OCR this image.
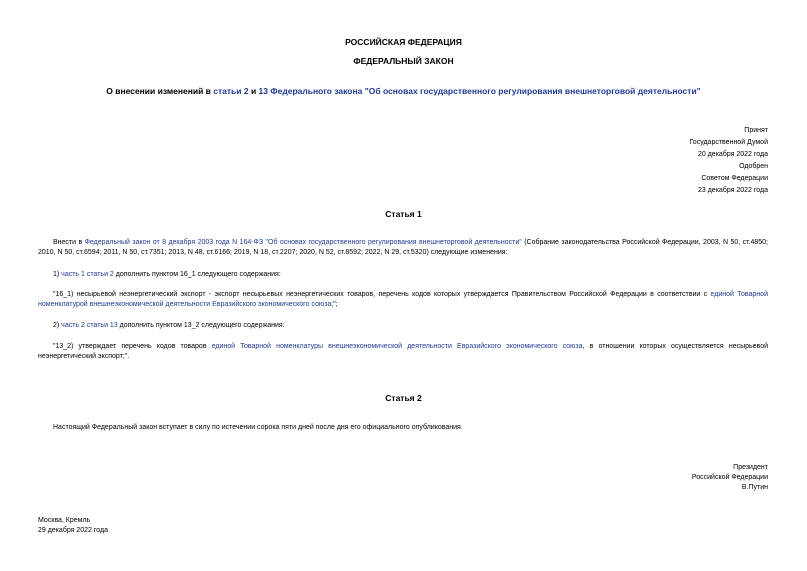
РОССИЙСКАЯ ФЕДЕРАЦИЯ
ФЕДЕРАЛЬНЫЙ ЗАКОН
О внесении изменений в статьи 2 и 13 Федерального закона "Об основах государственного регулирования внешнеторговой деятельности"
Принят
Государственной Думой
20 декабря 2022 года
Одобрен
Советом Федерации
23 декабря 2022 года
Статья 1
Внести в Федеральный закон от 8 декабря 2003 года N 164-ФЗ "Об основах государственного регулирования внешнеторговой деятельности" (Собрание законодательства Российской Федерации, 2003, N 50, ст.4850; 2010, N 50, ст.6594; 2011, N 50, ст.7351; 2013, N 48, ст.6166; 2019, N 18, ст.2207; 2020, N 52, ст.8592; 2022, N 29, ст.5320) следующие изменения:
1) часть 1 статьи 2 дополнить пунктом 16_1 следующего содержания:
"16_1) несырьевой неэнергетический экспорт - экспорт несырьевых неэнергетических товаров, перечень кодов которых утверждается Правительством Российской Федерации в соответствии с единой Товарной номенклатурой внешнеэкономической деятельности Евразийского экономического союза;";
2) часть 2 статьи 13 дополнить пунктом 13_2 следующего содержания:
"13_2) утверждает перечень кодов товаров единой Товарной номенклатуры внешнеэкономической деятельности Евразийского экономического союза, в отношении которых осуществляется несырьевой неэнергетический экспорт;".
Статья 2
Настоящий Федеральный закон вступает в силу по истечении сорока пяти дней после дня его официального опубликования.
Президент
Российской Федерации
В.Путин
Москва, Кремль
29 декабря 2022 года
